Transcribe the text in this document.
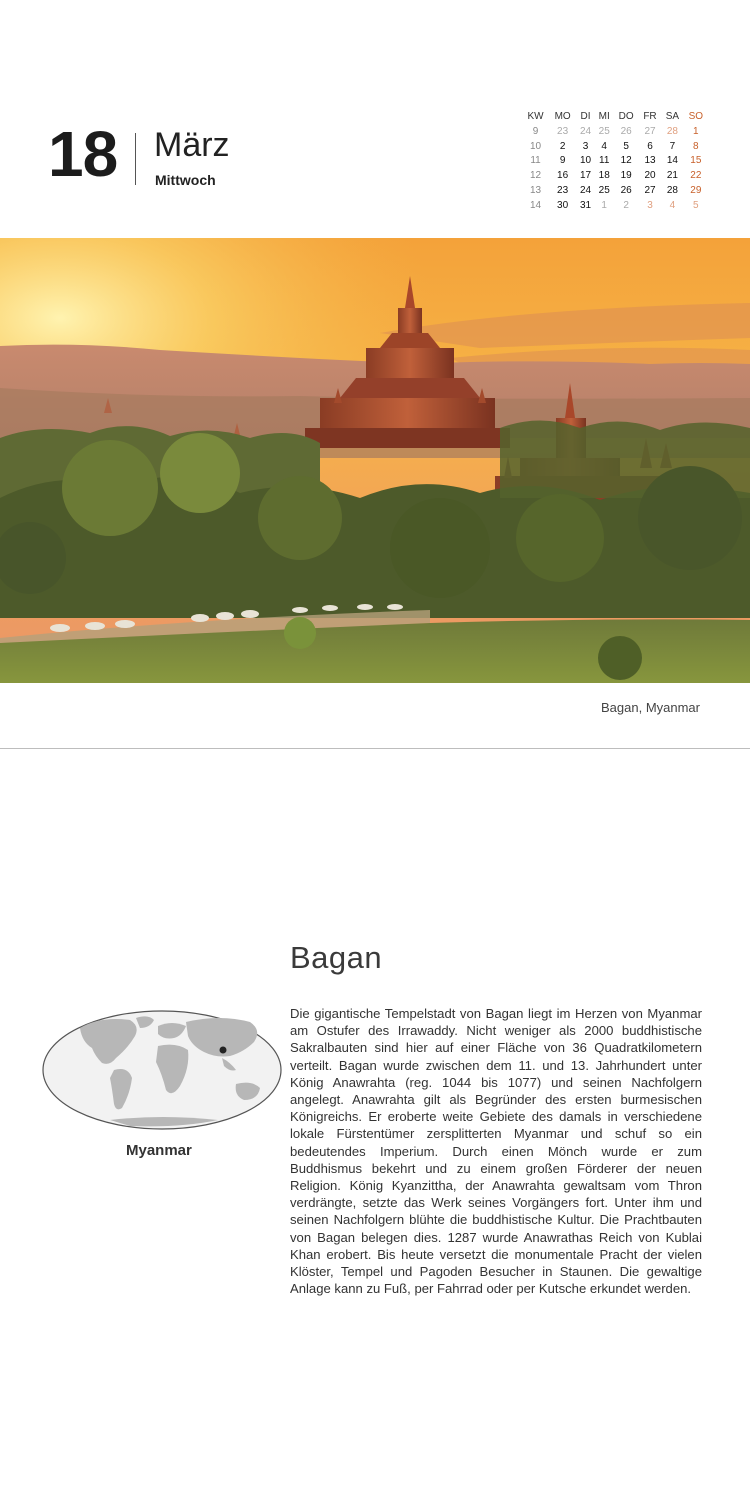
18 März
Mittwoch
KW	MO	DI	MI	DO	FR	SA	SO
9	23	24	25	26	27	28	1
10	2	3	4	5	6	7	8
11	9	10	11	12	13	14	15
12	16	17	18	19	20	21	22
13	23	24	25	26	27	28	29
14	30	31	1	2	3	4	5
Bagan, Myanmar
Bagan
Die gigantische Tempelstadt von Bagan liegt im Herzen von Myanmar am Ostufer des Irrawaddy. Nicht weniger als 2000 buddhistische Sakralbauten sind hier auf einer Fläche von 36 Quadratkilometern verteilt. Bagan wurde zwischen dem 11. und 13. Jahrhundert unter König Anawrahta (reg. 1044 bis 1077) und seinen Nachfolgern angelegt. Anawrahta gilt als Begründer des ersten burmesischen Königreichs. Er eroberte weite Gebiete des damals in verschiedene lokale Fürstentümer zersplitterten Myanmar und schuf so ein bedeutendes Imperium. Durch einen Mönch wurde er zum Buddhismus bekehrt und zu einem großen Förderer der neuen Religion. König Kyanzittha, der Anawrahta gewaltsam vom Thron verdrängte, setzte das Werk seines Vorgängers fort. Unter ihm und seinen Nachfolgern blühte die buddhistische Kultur. Die Prachtbauten von Bagan belegen dies. 1287 wurde Anawrathas Reich von Kublai Khan erobert. Bis heute versetzt die monumentale Pracht der vielen Klöster, Tempel und Pagoden Besucher in Staunen. Die gewaltige Anlage kann zu Fuß, per Fahrrad oder per Kutsche erkundet werden.
Myanmar
